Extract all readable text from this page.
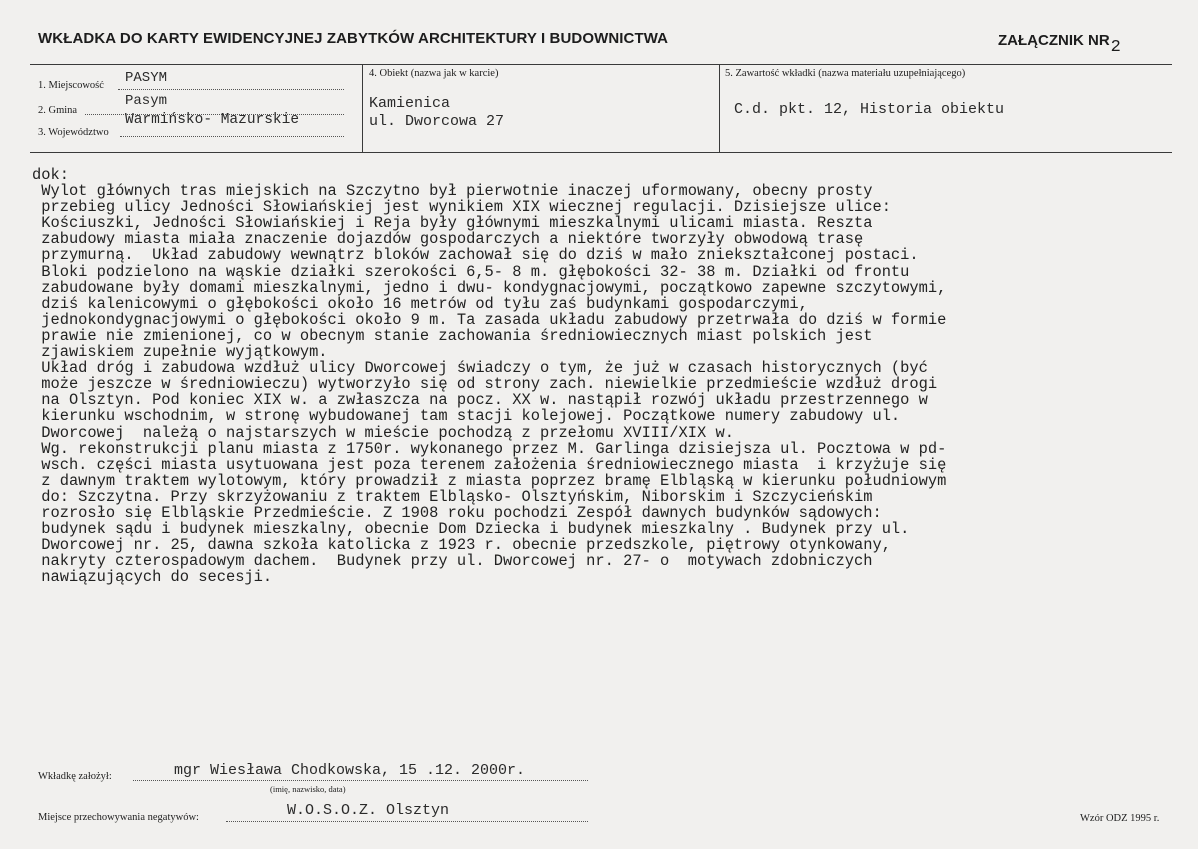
WKŁADKA DO KARTY EWIDENCYJNEJ ZABYTKÓW ARCHITEKTURY I BUDOWNICTWA	ZAŁĄCZNIK NR2
1. Miejscowość PASYM
2. Gmina
Pasym
3. Województwo
Warmińsko- Mazurskie
4. Obiekt (nazwa jak w karcie)
Kamienica
ul. Dworcowa 27
5. Zawartość wkładki (nazwa materiału uzupełniającego)
C.d. pkt. 12, Historia obiektu
dok:
Wylot głównych tras miejskich na Szczytno był pierwotnie inaczej uformowany, obecny prosty
przebieg ulicy Jedności Słowiańskiej jest wynikiem XIX wiecznej regulacji. Dzisiejsze ulice:
Kościuszki, Jedności Słowiańskiej i Reja były głównymi mieszkalnymi ulicami miasta. Reszta
zabudowy miasta miała znaczenie dojazdów gospodarczych a niektóre tworzyły obwodową trasę
przymurną.  Układ zabudowy wewnątrz bloków zachował się do dziś w mało zniekształconej postaci.
Bloki podzielono na wąskie działki szerokości 6,5- 8 m. głębokości 32- 38 m. Działki od frontu
zabudowane były domami mieszkalnymi, jedno i dwu- kondygnacjowymi, początkowo zapewne szczytowymi,
dziś kalenicowymi o głębokości około 16 metrów od tyłu zaś budynkami gospodarczymi,
jednokondygnacjowymi o głębokości około 9 m. Ta zasada układu zabudowy przetrwała do dziś w formie
prawie nie zmienionej, co w obecnym stanie zachowania średniowiecznych miast polskich jest
zjawiskiem zupełnie wyjątkowym.
Układ dróg i zabudowa wzdłuż ulicy Dworcowej świadczy o tym, że już w czasach historycznych (być
może jeszcze w średniowieczu) wytworzyło się od strony zach. niewielkie przedmieście wzdłuż drogi
na Olsztyn. Pod koniec XIX w. a zwłaszcza na pocz. XX w. nastąpił rozwój układu przestrzennego w
kierunku wschodnim, w stronę wybudowanej tam stacji kolejowej. Początkowe numery zabudowy ul.
Dworcowej  należą o najstarszych w mieście pochodzą z przełomu XVIII/XIX w.
Wg. rekonstrukcji planu miasta z 1750r. wykonanego przez M. Garlinga dzisiejsza ul. Pocztowa w pd-
wsch. części miasta usytuowana jest poza terenem założenia średniowiecznego miasta  i krzyżuje się
z dawnym traktem wylotowym, który prowadził z miasta poprzez bramę Elbląską w kierunku południowym
do: Szczytna. Przy skrzyżowaniu z traktem Elbląsko- Olsztyńskim, Niborskim i Szczycieńskim
rozrosło się Elbląskie Przedmieście. Z 1908 roku pochodzi Zespół dawnych budynków sądowych:
budynek sądu i budynek mieszkalny, obecnie Dom Dziecka i budynek mieszkalny . Budynek przy ul.
Dworcowej nr. 25, dawna szkoła katolicka z 1923 r. obecnie przedszkole, piętrowy otynkowany,
nakryty czterospadowym dachem.  Budynek przy ul. Dworcowej nr. 27- o  motywach zdobniczych
nawiązujących do secesji.
Wkładkę założył:	mgr Wiesława Chodkowska, 15 .12. 2000r.
(imię, nazwisko, data)
Miejsce przechowywania negatywów:	W.O.S.O.Z. Olsztyn	Wzór ODZ 1995 r.
